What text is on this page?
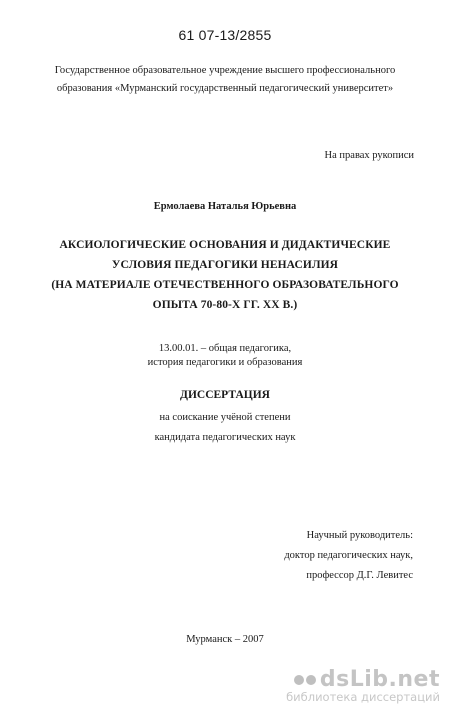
61 07-13/2855
Государственное образовательное учреждение высшего профессионального
образования «Мурманский государственный педагогический университет»
На правах рукописи
Ермолаева Наталья Юрьевна
АКСИОЛОГИЧЕСКИЕ ОСНОВАНИЯ И ДИДАКТИЧЕСКИЕ
УСЛОВИЯ ПЕДАГОГИКИ НЕНАСИЛИЯ
(НА МАТЕРИАЛЕ ОТЕЧЕСТВЕННОГО ОБРАЗОВАТЕЛЬНОГО
ОПЫТА 70-80-Х ГГ. XX В.)
13.00.01. – общая педагогика,
история педагогики и образования
ДИССЕРТАЦИЯ
на соискание учёной степени
кандидата педагогических наук
Научный руководитель:
доктор педагогических наук,
профессор Д.Г. Левитес
Мурманск – 2007
dsLib.net
библиотека диссертаций
